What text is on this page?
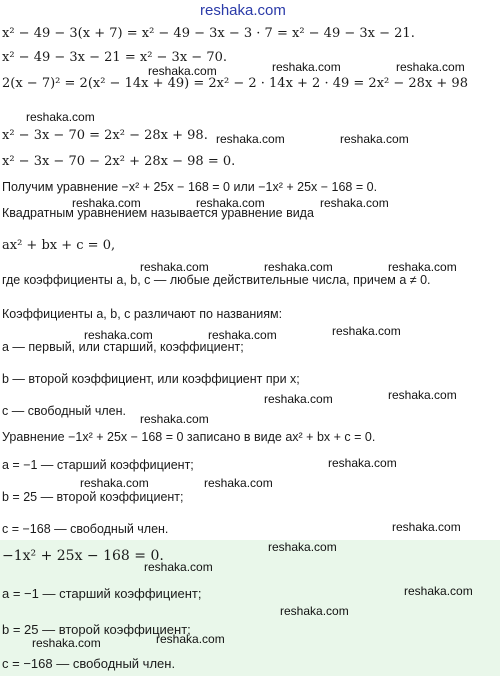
reshaka.com
x² − 49 − 3(x + 7) = x² − 49 − 3x − 3 · 7 = x² − 49 − 3x − 21.
x² − 49 − 3x − 21 = x² − 3x − 70.
2(x − 7)² = 2(x² − 14x + 49) = 2x² − 2 · 14x + 2 · 49 = 2x² − 28x + 98
x² − 3x − 70 = 2x² − 28x + 98.
x² − 3x − 70 − 2x² + 28x − 98 = 0.
Получим уравнение −x² + 25x − 168 = 0 или −1x² + 25x − 168 = 0.
Квадратным уравнением называется уравнение вида
ax² + bx + c = 0,
где коэффициенты a, b, c — любые действительные числа, причем a ≠ 0.
Коэффициенты a, b, c различают по названиям:
a — первый, или старший, коэффициент;
b — второй коэффициент, или коэффициент при x;
c — свободный член.
Уравнение −1x² + 25x − 168 = 0 записано в виде ax² + bx + c = 0.
a = −1 — старший коэффициент;
b = 25 — второй коэффициент;
c = −168 — свободный член.
−1x² + 25x − 168 = 0.
a = −1 — старший коэффициент;
b = 25 — второй коэффициент;
c = −168 — свободный член.
reshaka.com	reshaka.com	reshaka.com
reshaka.com
reshaka.com	reshaka.com
reshaka.com	reshaka.com	reshaka.com
reshaka.com	reshaka.com	reshaka.com
reshaka.com	reshaka.com	reshaka.com
reshaka.com	reshaka.com
reshaka.com
reshaka.com
reshaka.com	reshaka.com
reshaka.com
reshaka.com
reshaka.com
reshaka.com
reshaka.com
reshaka.com
reshaka.com
